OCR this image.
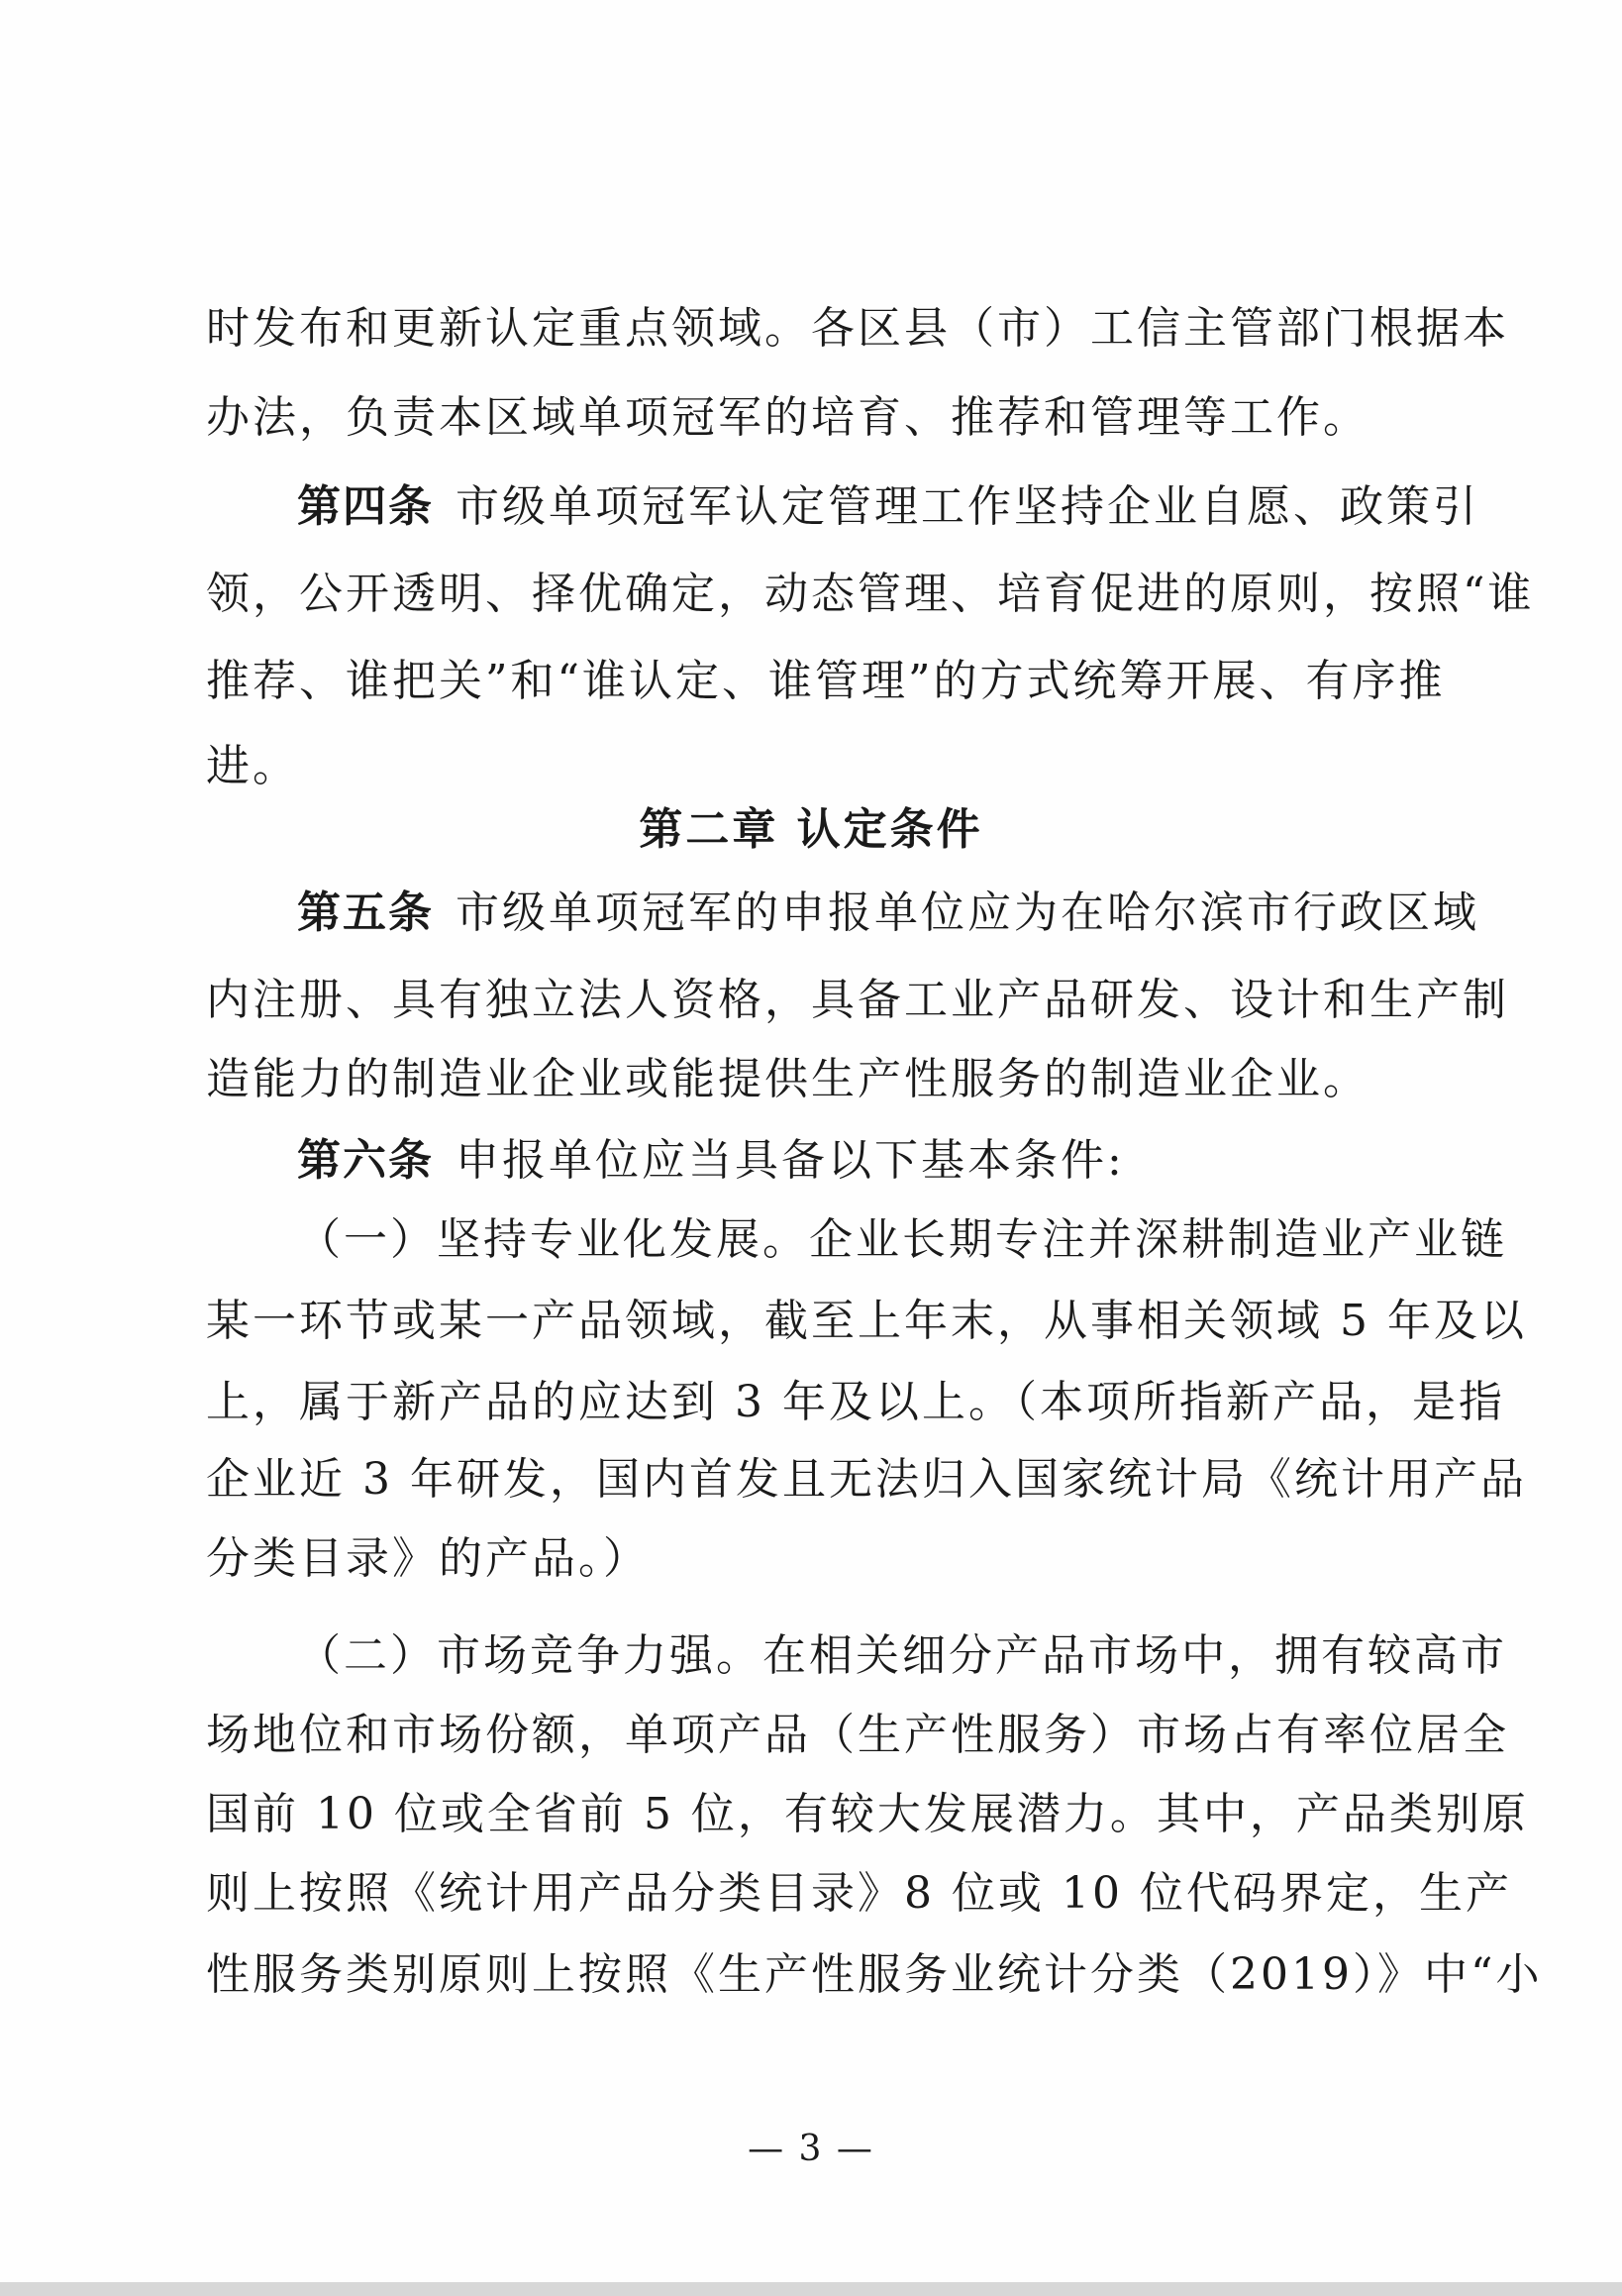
时发布和更新认定重点领域。各区县（市）工信主管部门根据本
办法，负责本区域单项冠军的培育、推荐和管理等工作。
第四条 市级单项冠军认定管理工作坚持企业自愿、政策引
领，公开透明、择优确定，动态管理、培育促进的原则，按照“谁
推荐、谁把关”和“谁认定、谁管理”的方式统筹开展、有序推
进。
第二章 认定条件
第五条 市级单项冠军的申报单位应为在哈尔滨市行政区域
内注册、具有独立法人资格，具备工业产品研发、设计和生产制
造能力的制造业企业或能提供生产性服务的制造业企业。
第六条 申报单位应当具备以下基本条件:
（一）坚持专业化发展。企业长期专注并深耕制造业产业链
某一环节或某一产品领域，截至上年末，从事相关领域 5 年及以
上，属于新产品的应达到 3 年及以上。（本项所指新产品，是指
企业近 3 年研发，国内首发且无法归入国家统计局《统计用产品
分类目录》的产品。）
（二）市场竞争力强。在相关细分产品市场中，拥有较高市
场地位和市场份额，单项产品（生产性服务）市场占有率位居全
国前 10 位或全省前 5 位，有较大发展潜力。其中，产品类别原
则上按照《统计用产品分类目录》8 位或 10 位代码界定，生产
性服务类别原则上按照《生产性服务业统计分类（2019）》中“小
— 3 —
